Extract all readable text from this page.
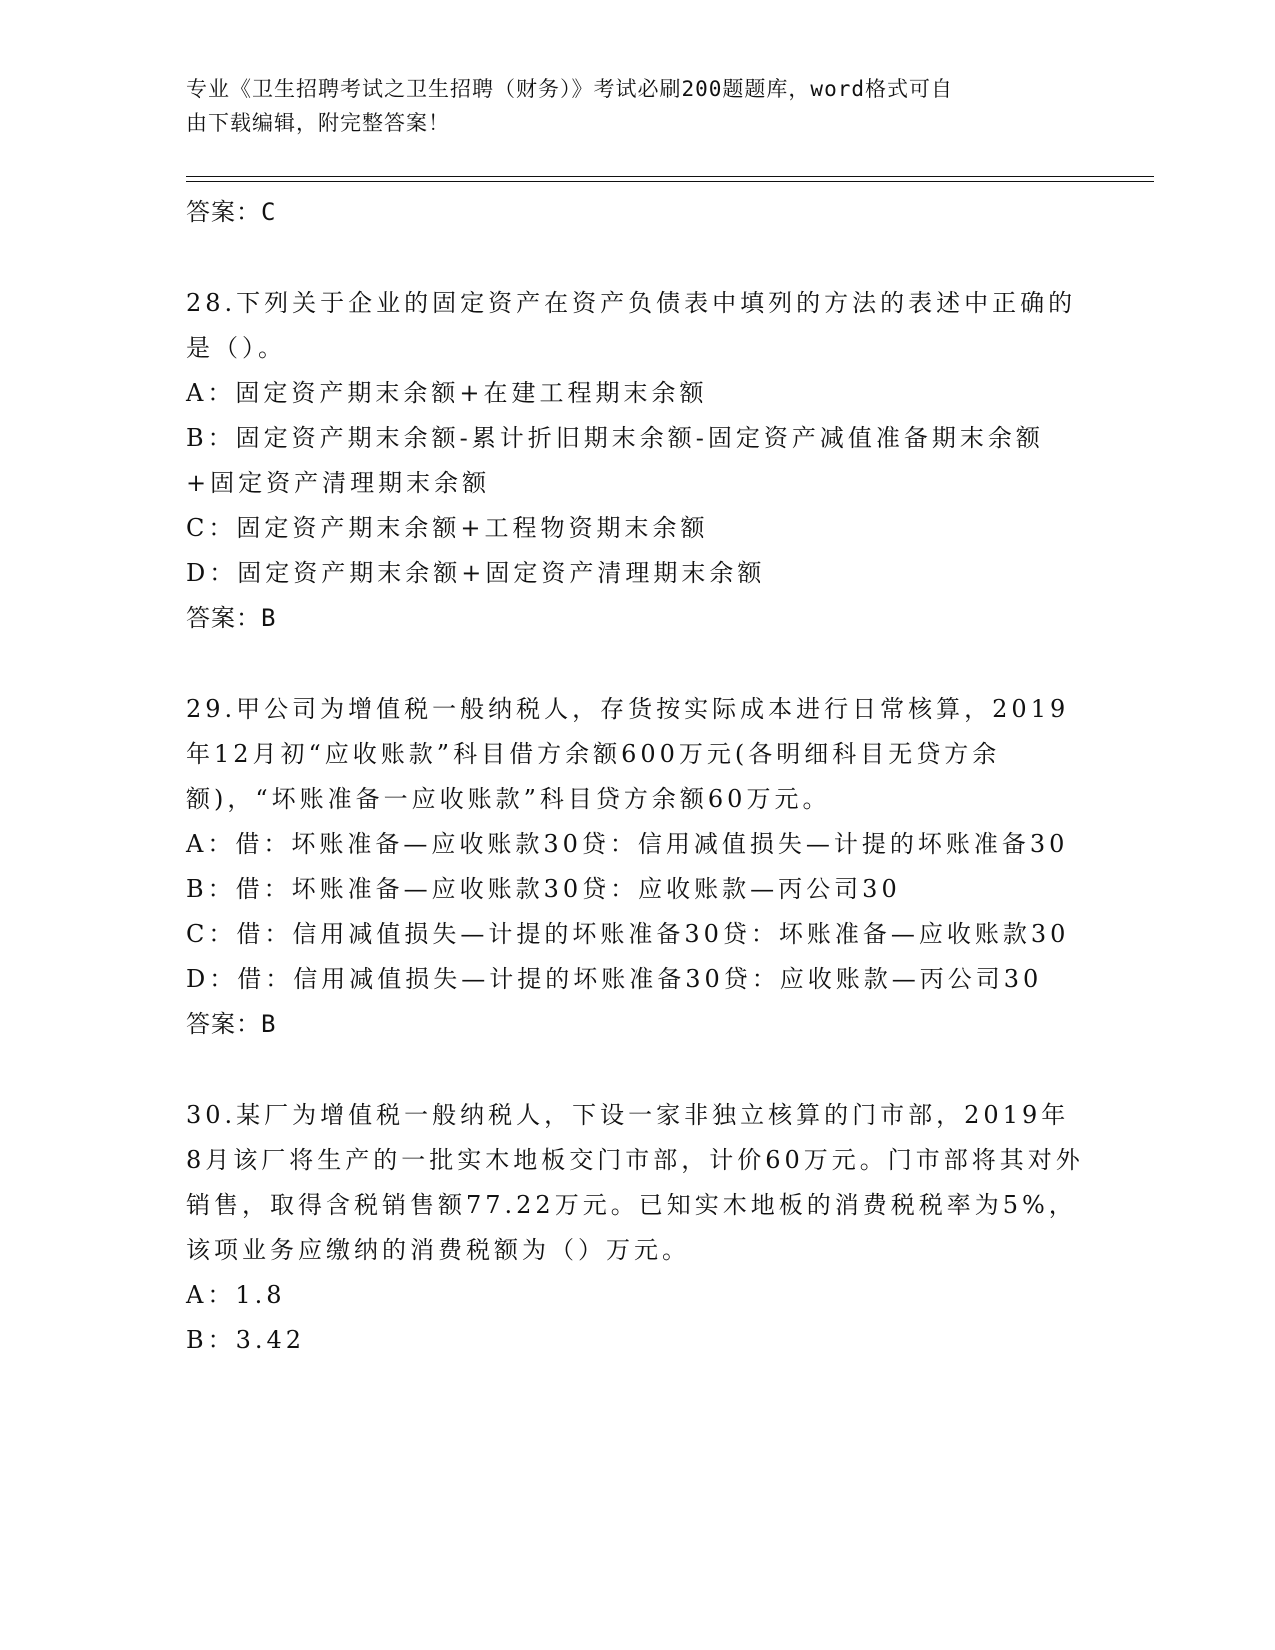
专业《卫生招聘考试之卫生招聘（财务）》考试必刷200题题库，word格式可自
由下载编辑，附完整答案！

答案：C

28.下列关于企业的固定资产在资产负债表中填列的方法的表述中正确的是（）。

A：固定资产期末余额+在建工程期末余额

B：固定资产期末余额-累计折旧期末余额-固定资产减值准备期末余额+固定资产清理期末余额

C：固定资产期末余额+工程物资期末余额

D：固定资产期末余额+固定资产清理期末余额

答案：B

29.甲公司为增值税一般纳税人，存货按实际成本进行日常核算，2019年12月初“应收账款”科目借方余额600万元(各明细科目无贷方余额)，“坏账准备一应收账款”科目贷方余额60万元。

A：借：坏账准备—应收账款30贷：信用减值损失—计提的坏账准备30

B：借：坏账准备—应收账款30贷：应收账款—丙公司30

C：借：信用减值损失—计提的坏账准备30贷：坏账准备—应收账款30

D：借：信用减值损失—计提的坏账准备30贷：应收账款—丙公司30

答案：B

30.某厂为增值税一般纳税人，下设一家非独立核算的门市部，2019年8月该厂将生产的一批实木地板交门市部，计价60万元。门市部将其对外销售，取得含税销售额77.22万元。已知实木地板的消费税税率为5%，该项业务应缴纳的消费税额为（）万元。

A：1.8

B：3.42
